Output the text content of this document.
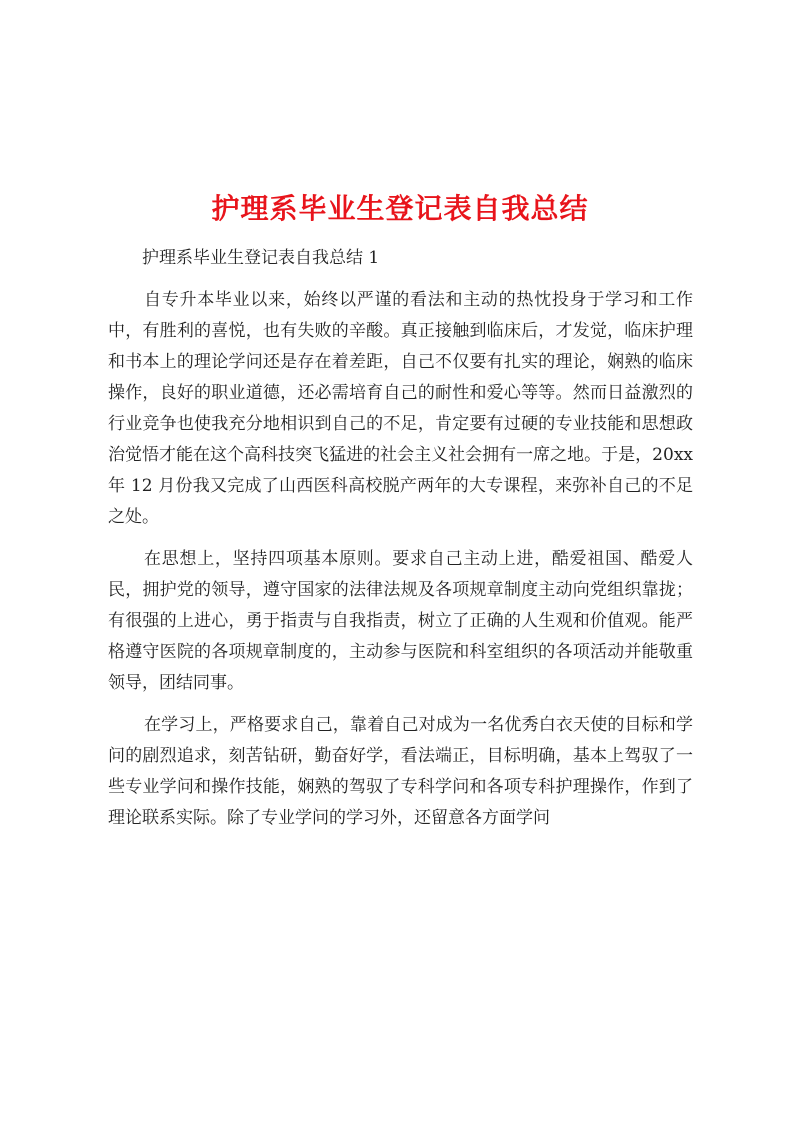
护理系毕业生登记表自我总结

护理系毕业生登记表自我总结 1

自专升本毕业以来，始终以严谨的看法和主动的热忱投身于学习和工作中，有胜利的喜悦，也有失败的辛酸。真正接触到临床后，才发觉，临床护理和书本上的理论学问还是存在着差距，自己不仅要有扎实的理论，娴熟的临床操作，良好的职业道德，还必需培育自己的耐性和爱心等等。然而日益激烈的行业竞争也使我充分地相识到自己的不足，肯定要有过硬的专业技能和思想政治觉悟才能在这个高科技突飞猛进的社会主义社会拥有一席之地。于是，20xx 年 12 月份我又完成了山西医科高校脱产两年的大专课程，来弥补自己的不足之处。

在思想上，坚持四项基本原则。要求自己主动上进，酷爱祖国、酷爱人民，拥护党的领导，遵守国家的法律法规及各项规章制度主动向党组织靠拢；有很强的上进心，勇于指责与自我指责，树立了正确的人生观和价值观。能严格遵守医院的各项规章制度的，主动参与医院和科室组织的各项活动并能敬重领导，团结同事。

在学习上，严格要求自己，靠着自己对成为一名优秀白衣天使的目标和学问的剧烈追求，刻苦钻研，勤奋好学，看法端正，目标明确，基本上驾驭了一些专业学问和操作技能，娴熟的驾驭了专科学问和各项专科护理操作，作到了理论联系实际。除了专业学问的学习外，还留意各方面学问
